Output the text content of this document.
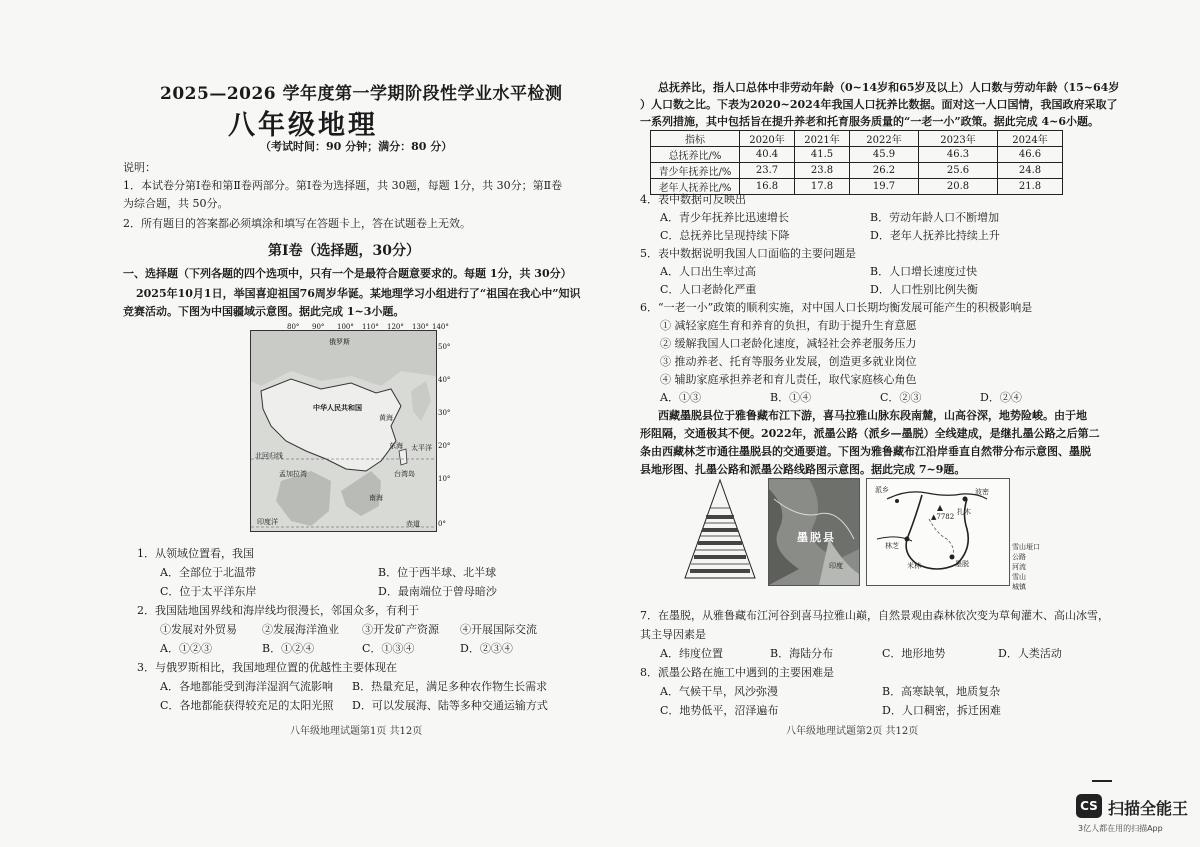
2025—2026 学年度第一学期阶段性学业水平检测
八年级地理
（考试时间：90 分钟；满分：80 分）
说明：
1．本试卷分第Ⅰ卷和第Ⅱ卷两部分。第Ⅰ卷为选择题，共 30题，每题 1分，共 30分；第Ⅱ卷
为综合题，共 50分。
2．所有题目的答案都必须填涂和填写在答题卡上，答在试题卷上无效。
第Ⅰ卷（选择题，30分）
一、选择题（下列各题的四个选项中，只有一个是最符合题意要求的。每题 1分，共 30分）
2025年10月1日，举国喜迎祖国76周岁华诞。某地理学习小组进行了“祖国在我心中”知识
竞赛活动。下图为中国疆域示意图。据此完成 1~3小题。
俄罗斯
中华人民共和国
黄海
东海
台湾岛
南海
太平洋
孟加拉湾
印度洋
北回归线
赤道
80° 90° 100° 110° 120° 130° 140°
50°
40°
30°
20°
10°
0°
1．从领域位置看，我国
A．全部位于北温带	B．位于西半球、北半球
C．位于太平洋东岸	D．最南端位于曾母暗沙
2．我国陆地国界线和海岸线均很漫长，邻国众多，有利于
①发展对外贸易 ②发展海洋渔业 ③开发矿产资源 ④开展国际交流
A．①②③	B．①②④	C．①③④	D．②③④
3．与俄罗斯相比，我国地理位置的优越性主要体现在
A．各地都能受到海洋湿润气流影响 B．热量充足，满足多种农作物生长需求
C．各地都能获得较充足的太阳光照 D．可以发展海、陆等多种交通运输方式
八年级地理试题第1页 共12页
总抚养比，指人口总体中非劳动年龄（0~14岁和65岁及以上）人口数与劳动年龄（15~64岁
）人口数之比。下表为2020~2024年我国人口抚养比数据。面对这一人口国情，我国政府采取了
一系列措施，其中包括旨在提升养老和托育服务质量的“一老一小”政策。据此完成 4~6小题。
指标	2020年	2021年	2022年	2023年	2024年
总抚养比/%	40.4	41.5	45.9	46.3	46.6
青少年抚养比/%	23.7	23.8	26.2	25.6	24.8
老年人抚养比/%	16.8	17.8	19.7	20.8	21.8
4．表中数据可反映出
A．青少年抚养比迅速增长	B．劳动年龄人口不断增加
C．总抚养比呈现持续下降	D．老年人抚养比持续上升
5．表中数据说明我国人口面临的主要问题是
A．人口出生率过高	B．人口增长速度过快
C．人口老龄化严重	D．人口性别比例失衡
6．“一老一小”政策的顺利实施，对中国人口长期均衡发展可能产生的积极影响是
① 减轻家庭生育和养育的负担，有助于提升生育意愿
② 缓解我国人口老龄化速度，减轻社会养老服务压力
③ 推动养老、托育等服务业发展，创造更多就业岗位
④ 辅助家庭承担养老和育儿责任，取代家庭核心角色
A．①③	B．①④	C．②③	D．②④
西藏墨脱县位于雅鲁藏布江下游，喜马拉雅山脉东段南麓，山高谷深，地势险峻。由于地
形阻隔，交通极其不便。2022年，派墨公路（派乡—墨脱）全线建成，是继扎墨公路之后第二
条由西藏林芝市通往墨脱县的交通要道。下图为雅鲁藏布江沿岸垂直自然带分布示意图、墨脱
县地形图、扎墨公路和派墨公路线路图示意图。据此完成 7~9题。
墨 脱 县
印度
派乡	波密
林芝
扎木
墨脱
米林
▲7782
雪山垭口
公路
河流
雪山
城镇
7．在墨脱，从雅鲁藏布江河谷到喜马拉雅山巅，自然景观由森林依次变为草甸灌木、高山冰雪，
其主导因素是
A．纬度位置	B．海陆分布	C．地形地势	D．人类活动
8．派墨公路在施工中遇到的主要困难是
A．气候干旱，风沙弥漫	B．高寒缺氧，地质复杂
C．地势低平，沼泽遍布	D．人口稠密，拆迁困难
八年级地理试题第2页 共12页
CS 扫描全能王
3亿人都在用的扫描App
